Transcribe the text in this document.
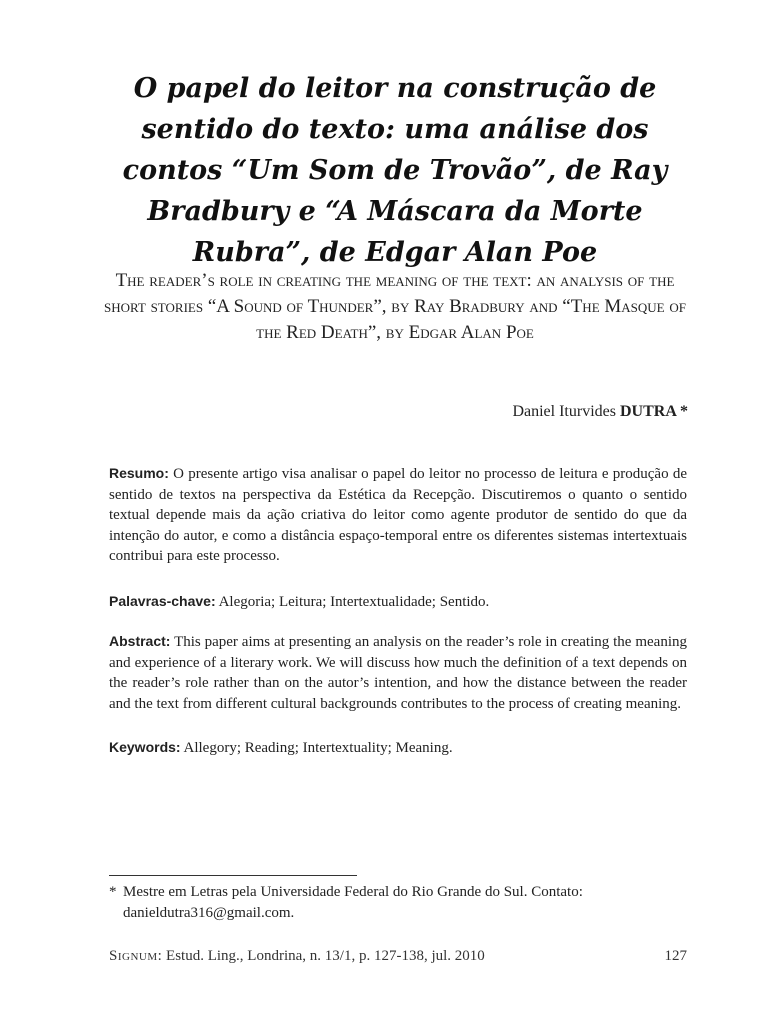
O papel do leitor na construção de sentido do texto: uma análise dos contos “Um Som de Trovão”, de Ray Bradbury e “A Máscara da Morte Rubra”, de Edgar Alan Poe
The reader’s role in creating the meaning of the text: an analysis of the short stories “A Sound of Thunder”, by Ray Bradbury and “The Masque of the Red Death”, by Edgar Alan Poe
Daniel Iturvides DUTRA *
Resumo: O presente artigo visa analisar o papel do leitor no processo de leitura e produção de sentido de textos na perspectiva da Estética da Recepção. Discutiremos o quanto o sentido textual depende mais da ação criativa do leitor como agente produtor de sentido do que da intenção do autor, e como a distância espaço-temporal entre os diferentes sistemas intertextuais contribui para este processo.
Palavras-chave: Alegoria; Leitura; Intertextualidade; Sentido.
Abstract: This paper aims at presenting an analysis on the reader’s role in creating the meaning and experience of a literary work. We will discuss how much the definition of a text depends on the reader’s role rather than on the autor’s intention, and how the distance between the reader and the text from different cultural backgrounds contributes to the process of creating meaning.
Keywords: Allegory; Reading; Intertextuality; Meaning.
* Mestre em Letras pela Universidade Federal do Rio Grande do Sul. Contato:
danieldutra316@gmail.com.
Signum: Estud. Ling., Londrina, n. 13/1, p. 127-138, jul. 2010	127
